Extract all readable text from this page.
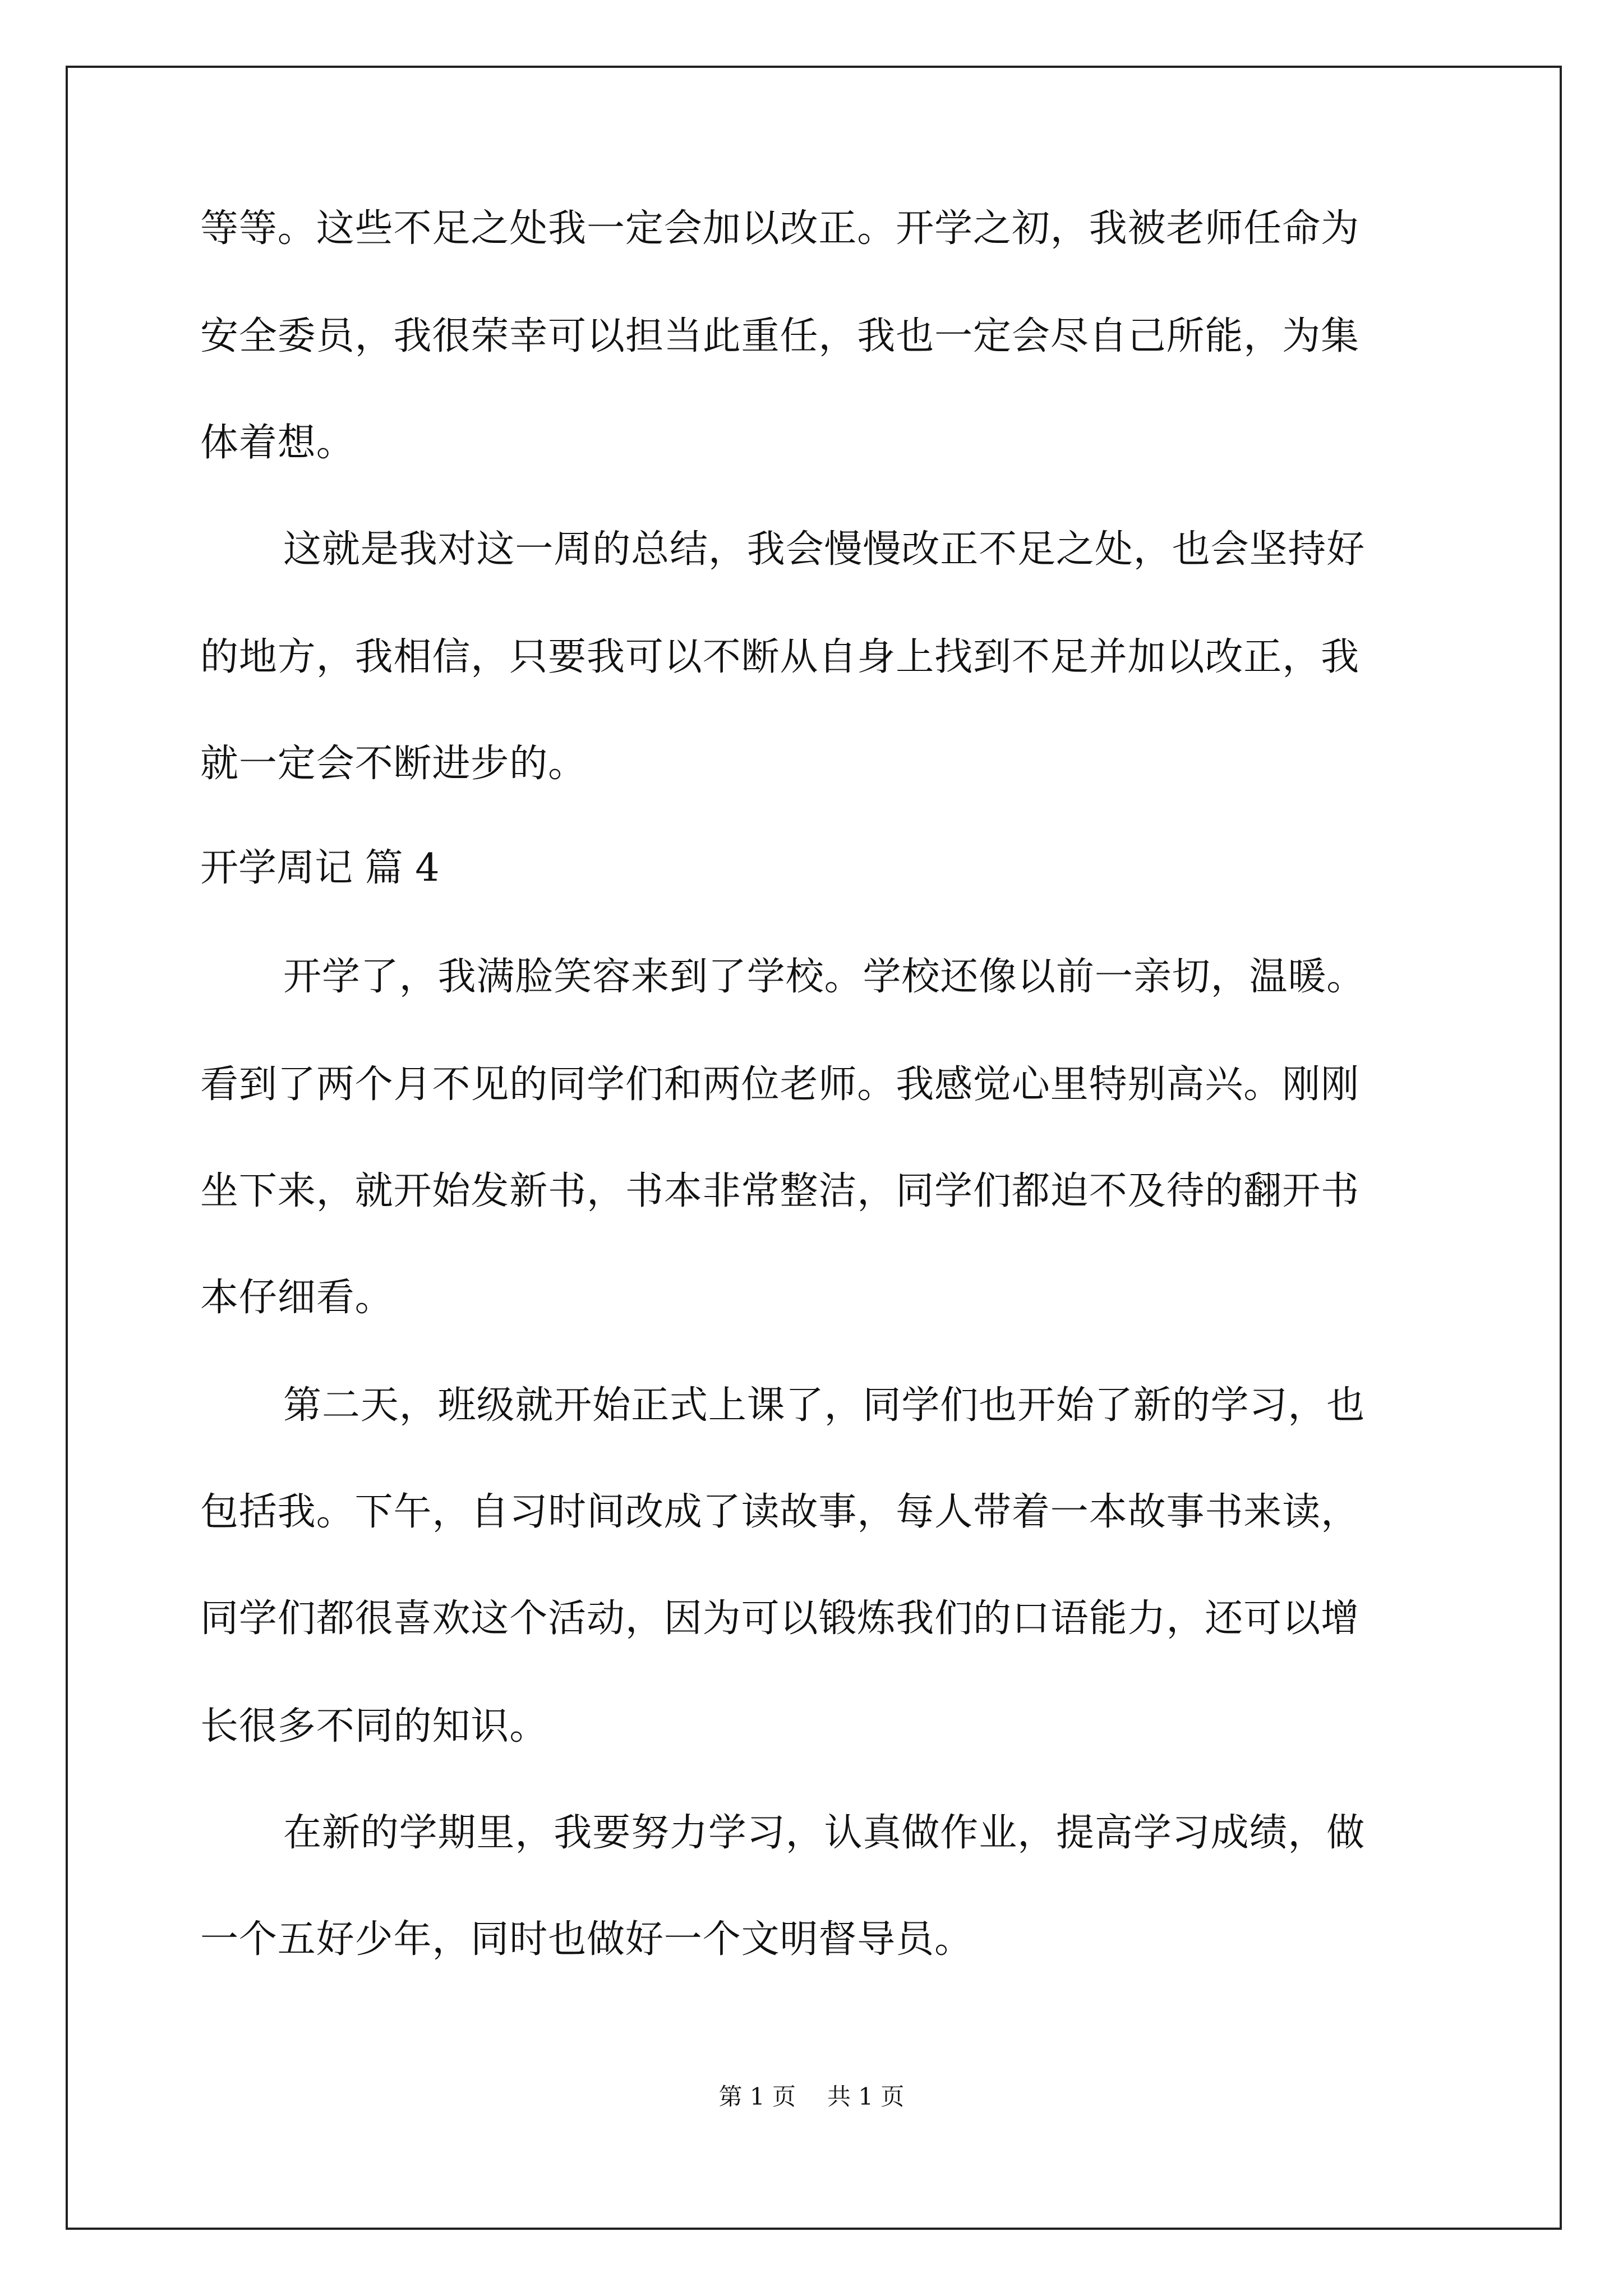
等等。这些不足之处我一定会加以改正。开学之初，我被老师任命为
安全委员，我很荣幸可以担当此重任，我也一定会尽自己所能，为集
体着想。
这就是我对这一周的总结，我会慢慢改正不足之处，也会坚持好
的地方，我相信，只要我可以不断从自身上找到不足并加以改正，我
就一定会不断进步的。
开学周记 篇 4
开学了，我满脸笑容来到了学校。学校还像以前一亲切，温暖。
看到了两个月不见的同学们和两位老师。我感觉心里特别高兴。刚刚
坐下来，就开始发新书，书本非常整洁，同学们都迫不及待的翻开书
本仔细看。
第二天，班级就开始正式上课了，同学们也开始了新的学习，也
包括我。下午，自习时间改成了读故事，每人带着一本故事书来读，
同学们都很喜欢这个活动，因为可以锻炼我们的口语能力，还可以增
长很多不同的知识。
在新的学期里，我要努力学习，认真做作业，提高学习成绩，做
一个五好少年，同时也做好一个文明督导员。
第 1 页 共 1 页
